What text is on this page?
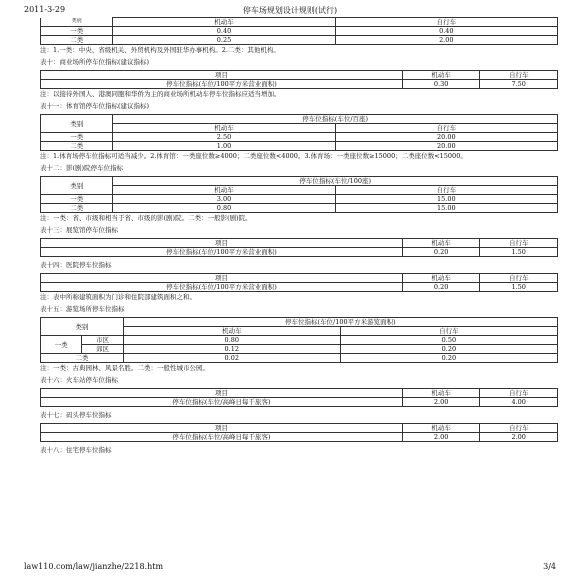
2011-3-29	停车场规划设计规则(试行)
类别	机动车	自行车
一类	0.40	0.40
二类	0.25	2.00
注：1.一类：中央、省级机关、外贸机构及外国驻华办事机构。2.二类：其他机构。
表十：商业场所停车位指标(建议指标)
项目	机动车	自行车
停车位指标(车位/100平方米营业面积)	0.30	7.50
注：以接待外国人、港澳同胞和华侨为主的商业场所机动车停车位指标应适当增加。
表十一：体育馆停车位指标(建议指标)
类别	停车位指标(车位/百座)	
	机动车	自行车
一类	2.50	20.00
二类	1.00	20.00
注：1.体育场停车位指标可适当减少。2.体育馆：一类座位数≥4000；二类座位数<4000。3.体育场：一类座位数≥15000；二类座位数<15000。
表十二：影(剧)院停车位指标
类别	停车位指标(车位/100座)	
	机动车	自行车
一类	3.00	15.00
二类	0.80	15.00
注：一类：省、市级和相当于省、市级的影(剧)院。二类：一般影(剧)院。
表十三：展览馆停车位指标
项目	机动车	自行车
停车位指标(车位/100平方米营业面积)	0.20	1.50
表十四：医院停车位指标
项目	机动车	自行车
停车位指标(车位/100平方米营业面积)	0.20	1.50
注：表中所称建筑面积为门诊和住院部建筑面积之和。
表十五：游览场所停车位指标
类别		停车位指标(车位/100平方米游览面积)	
		机动车	自行车
一类	市区	0.80	0.50
	郊区	0.12	0.20
二类		0.02	0.20
注：一类：古典园林、风景名胜。二类：一般性城市公园。
表十六：火车站停车位指标
项目	机动车	自行车
停车位指标(车位/高峰日每千旅客)	2.00	4.00
表十七：码头停车位指标
项目	机动车	自行车
停车位指标(车位/高峰日每千旅客)	2.00	2.00
表十八：住宅停车位指标
law110.com/law/jianzhe/2218.htm	3/4
